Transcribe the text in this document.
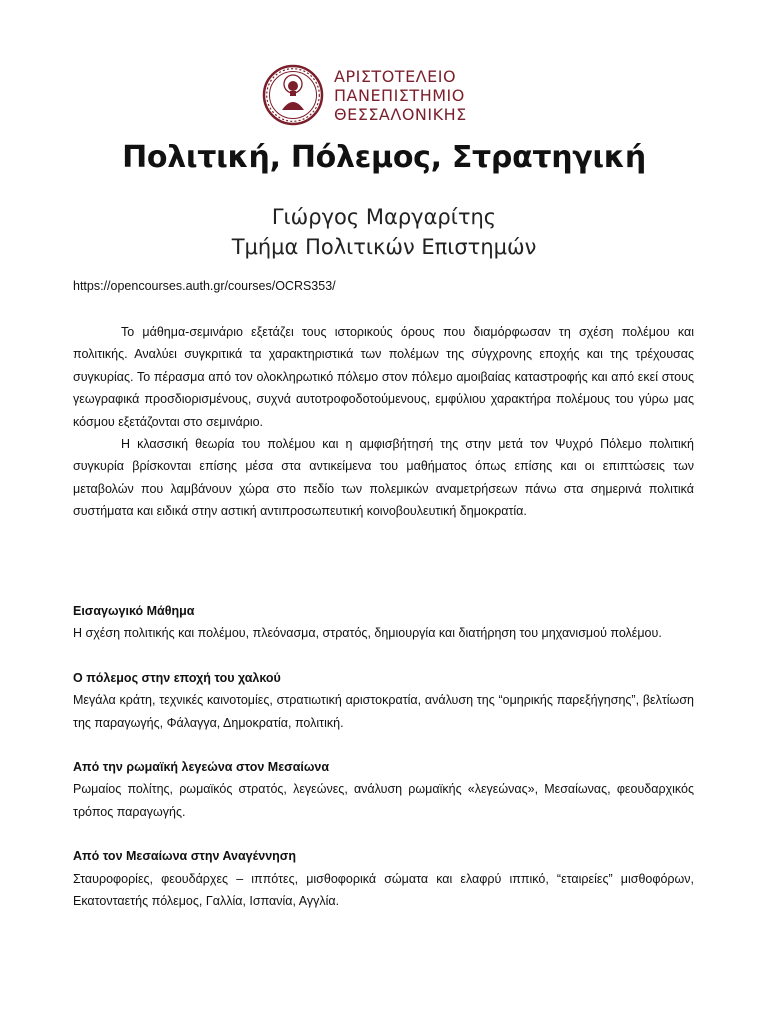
ΑΡΙΣΤΟΤΕΛΕΙΟ
ΠΑΝΕΠΙΣΤΗΜΙΟ
ΘΕΣΣΑΛΟΝΙΚΗΣ
Πολιτική, Πόλεμος, Στρατηγική
Γιώργος Μαργαρίτης
Τμήμα Πολιτικών Επιστημών
https://opencourses.auth.gr/courses/OCRS353/

Το μάθημα-σεμινάριο εξετάζει τους ιστορικούς όρους που διαμόρφωσαν τη σχέση πολέμου και πολιτικής. Αναλύει συγκριτικά τα χαρακτηριστικά των πολέμων της σύγχρονης εποχής και της τρέχουσας συγκυρίας. Το πέρασμα από τον ολοκληρωτικό πόλεμο στον πόλεμο αμοιβαίας καταστροφής και από εκεί στους γεωγραφικά προσδιορισμένους, συχνά αυτοτροφοδοτούμενους, εμφύλιου χαρακτήρα πολέμους του γύρω μας κόσμου εξετάζονται στο σεμινάριο.

Η κλασσική θεωρία του πολέμου και η αμφισβήτησή της στην μετά τον Ψυχρό Πόλεμο πολιτική συγκυρία βρίσκονται επίσης μέσα στα αντικείμενα του μαθήματος όπως επίσης και οι επιπτώσεις των μεταβολών που λαμβάνουν χώρα στο πεδίο των πολεμικών αναμετρήσεων πάνω στα σημερινά πολιτικά συστήματα και ειδικά στην αστική αντιπροσωπευτική κοινοβουλευτική δημοκρατία.

Εισαγωγικό Μάθημα
Η σχέση πολιτικής και πολέμου, πλεόνασμα, στρατός, δημιουργία και διατήρηση του μηχανισμού πολέμου.
Ο πόλεμος στην εποχή του χαλκού
Μεγάλα κράτη, τεχνικές καινοτομίες, στρατιωτική αριστοκρατία, ανάλυση της “ομηρικής παρεξήγησης”, βελτίωση της παραγωγής, Φάλαγγα, Δημοκρατία, πολιτική.
Από την ρωμαϊκή λεγεώνα στον Μεσαίωνα
Ρωμαίος πολίτης, ρωμαϊκός στρατός, λεγεώνες, ανάλυση ρωμαϊκής «λεγεώνας», Μεσαίωνας, φεουδαρχικός τρόπος παραγωγής.
Από τον Μεσαίωνα στην Αναγέννηση
Σταυροφορίες, φεουδάρχες – ιππότες, μισθοφορικά σώματα και ελαφρύ ιππικό, “εταιρείες” μισθοφόρων, Εκατονταετής πόλεμος, Γαλλία, Ισπανία, Αγγλία.
